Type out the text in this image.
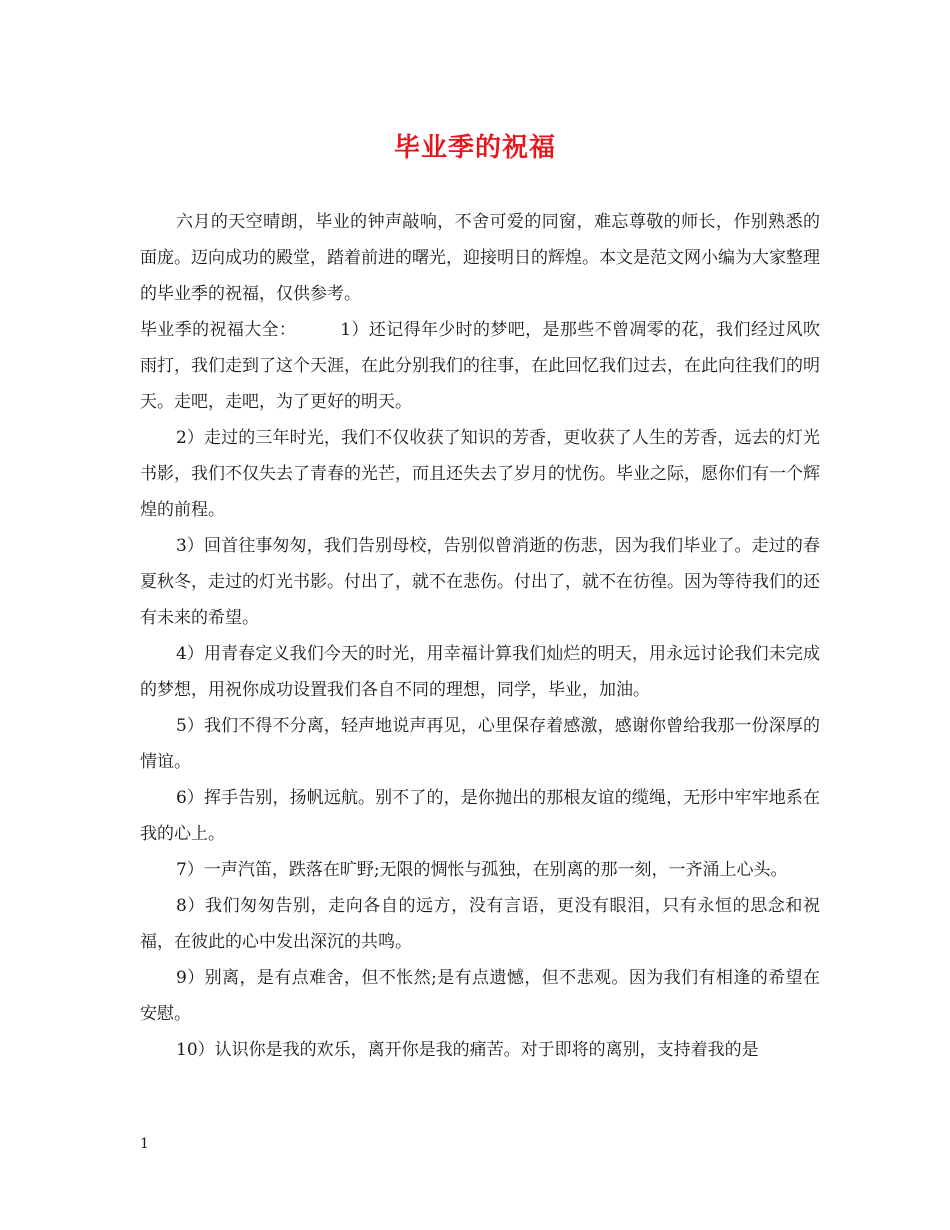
毕业季的祝福

六月的天空晴朗，毕业的钟声敲响，不舍可爱的同窗，难忘尊敬的师长，作别熟悉的面庞。迈向成功的殿堂，踏着前进的曙光，迎接明日的辉煌。本文是范文网小编为大家整理的毕业季的祝福，仅供参考。

毕业季的祝福大全：	1）还记得年少时的梦吧，是那些不曾凋零的花，我们经过风吹雨打，我们走到了这个天涯，在此分别我们的往事，在此回忆我们过去，在此向往我们的明天。走吧，走吧，为了更好的明天。

2）走过的三年时光，我们不仅收获了知识的芳香，更收获了人生的芳香，远去的灯光书影，我们不仅失去了青春的光芒，而且还失去了岁月的忧伤。毕业之际，愿你们有一个辉煌的前程。

3）回首往事匆匆，我们告别母校，告别似曾消逝的伤悲，因为我们毕业了。走过的春夏秋冬，走过的灯光书影。付出了，就不在悲伤。付出了，就不在彷徨。因为等待我们的还有未来的希望。

4）用青春定义我们今天的时光，用幸福计算我们灿烂的明天，用永远讨论我们未完成的梦想，用祝你成功设置我们各自不同的理想，同学，毕业，加油。

5）我们不得不分离，轻声地说声再见，心里保存着感激，感谢你曾给我那一份深厚的情谊。

6）挥手告别，扬帆远航。别不了的，是你抛出的那根友谊的缆绳，无形中牢牢地系在我的心上。

7）一声汽笛，跌落在旷野;无限的惆怅与孤独，在别离的那一刻，一齐涌上心头。

8）我们匆匆告别，走向各自的远方，没有言语，更没有眼泪，只有永恒的思念和祝福，在彼此的心中发出深沉的共鸣。

9）别离，是有点难舍，但不怅然;是有点遗憾，但不悲观。因为我们有相逢的希望在安慰。

10）认识你是我的欢乐，离开你是我的痛苦。对于即将的离别，支持着我的是

1
